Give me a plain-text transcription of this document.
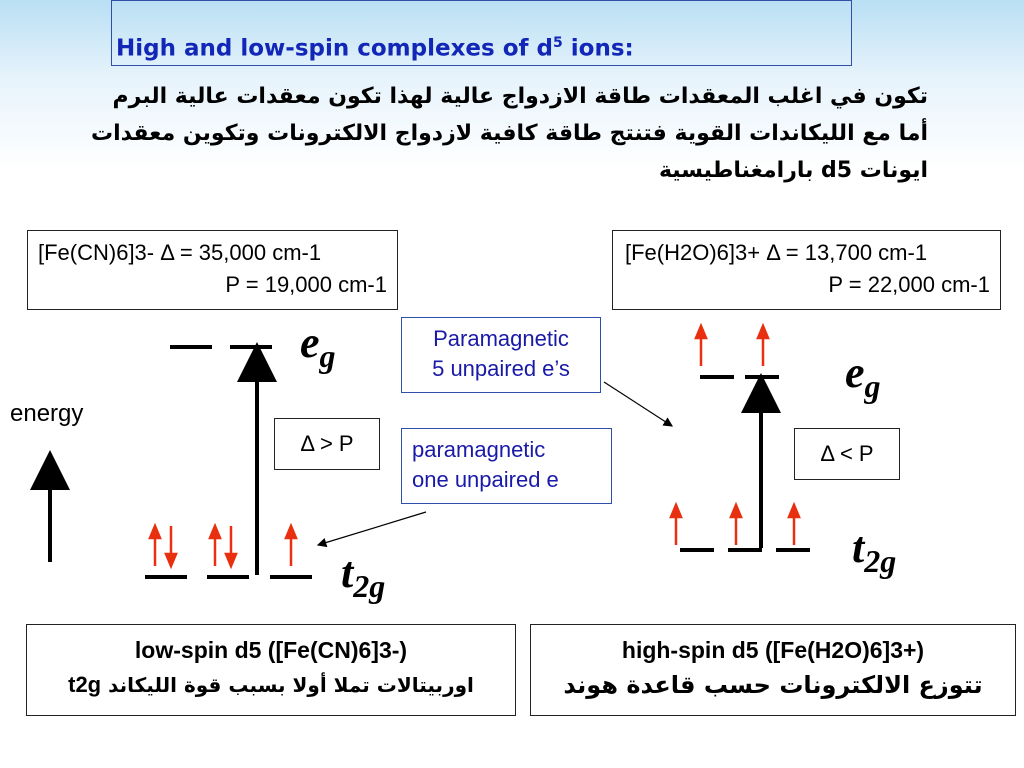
High and low-spin complexes of $d^5$ ions:
تكون في اغلب المعقدات طاقة الازدواج عالية لهذا تكون معقدات عالية البرم
أما مع الليكاندات القوية فتنتج طاقة كافية لازدواج الالكترونات وتكوين معقدات
ايونات d5 بارامغناطيسية
[Fe(CN)6]3- Δ = 35,000 cm-1
P = 19,000 cm-1
[Fe(H2O)6]3+ Δ = 13,700 cm-1
P = 22,000 cm-1
Paramagnetic
5 unpaired e’s
paramagnetic
one unpaired e
Δ > P	Δ < P
energy
$e_g$
$t_{2g}$
$e_g$
$t_{2g}$
low-spin d5 ([Fe(CN)6]3-)
اوربيتالات تملا أولا بسبب قوة الليكاند t2g
high-spin d5 ([Fe(H2O)6]3+)
تتوزع الالكترونات حسب قاعدة هوند
